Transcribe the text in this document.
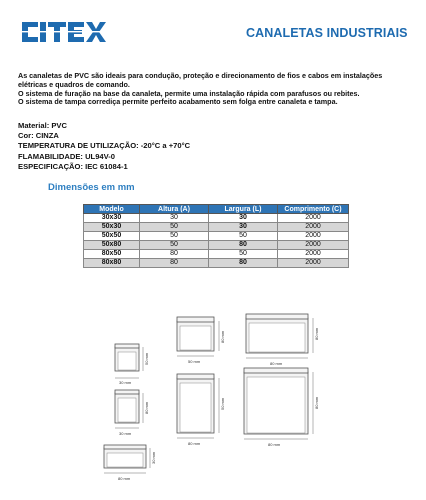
CANALETAS INDUSTRIAIS
As canaletas de PVC são ideais para condução, proteção e direcionamento de fios e cabos em instalações
elétricas e quadros de comando.
O sistema de furação na base da canaleta, permite uma instalação rápida com parafusos ou rebites.
O sistema de tampa corrediça permite perfeito acabamento sem folga entre canaleta e tampa.
Material: PVC
Cor: CINZA
TEMPERATURA DE UTILIZAÇÃO: -20°C a +70°C
FLAMABILIDADE: UL94V-0
ESPECIFICAÇÃO: IEC 61084-1
Dimensões em mm
Modelo	Altura (A)	Largura (L)	Comprimento (C)
30x30	30	30	2000
50x30	50	30	2000
50x50	50	50	2000
50x80	50	80	2000
80x50	80	50	2000
80x80	80	80	2000
50 mm
30 mm
80 mm
30 mm
30 mm
80 mm
80 mm
50 mm
50 mm
80 mm
80 mm
80 mm
80 mm
80 mm
